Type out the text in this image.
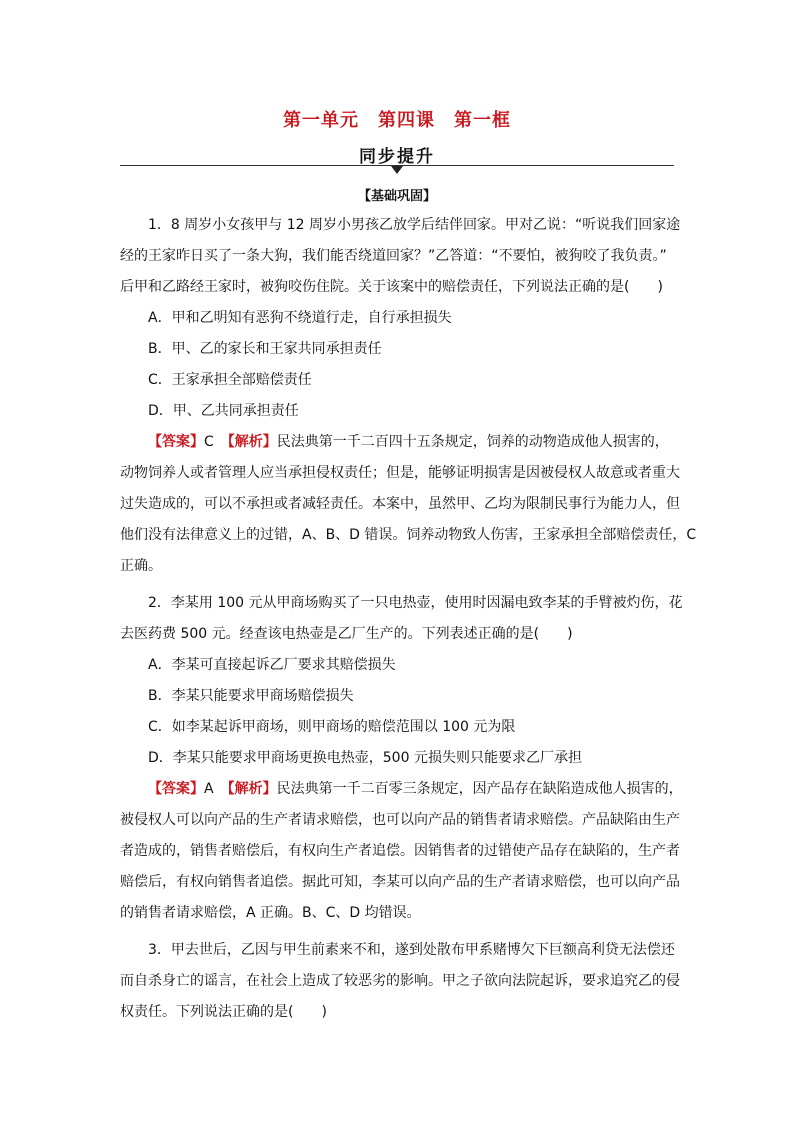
第一单元　第四课　第一框
同步提升
【基础巩固】
1．8 周岁小女孩甲与 12 周岁小男孩乙放学后结伴回家。甲对乙说：“听说我们回家途
经的王家昨日买了一条大狗，我们能否绕道回家？”乙答道：“不要怕，被狗咬了我负责。”
后甲和乙路经王家时，被狗咬伤住院。关于该案中的赔偿责任，下列说法正确的是(　　)
A．甲和乙明知有恶狗不绕道行走，自行承担损失
B．甲、乙的家长和王家共同承担责任
C．王家承担全部赔偿责任
D．甲、乙共同承担责任
【答案】C　 【解析】民法典第一千二百四十五条规定，饲养的动物造成他人损害的，
动物饲养人或者管理人应当承担侵权责任；但是，能够证明损害是因被侵权人故意或者重大
过失造成的，可以不承担或者减轻责任。本案中，虽然甲、乙均为限制民事行为能力人，但
他们没有法律意义上的过错，A、B、D 错误。饲养动物致人伤害，王家承担全部赔偿责任，C
正确。
2．李某用 100 元从甲商场购买了一只电热壶，使用时因漏电致李某的手臂被灼伤，花
去医药费 500 元。经查该电热壶是乙厂生产的。下列表述正确的是(　　)
A．李某可直接起诉乙厂要求其赔偿损失
B．李某只能要求甲商场赔偿损失
C．如李某起诉甲商场，则甲商场的赔偿范围以 100 元为限
D．李某只能要求甲商场更换电热壶，500 元损失则只能要求乙厂承担
【答案】A　 【解析】民法典第一千二百零三条规定，因产品存在缺陷造成他人损害的，
被侵权人可以向产品的生产者请求赔偿，也可以向产品的销售者请求赔偿。产品缺陷由生产
者造成的，销售者赔偿后，有权向生产者追偿。因销售者的过错使产品存在缺陷的，生产者
赔偿后，有权向销售者追偿。据此可知，李某可以向产品的生产者请求赔偿，也可以向产品
的销售者请求赔偿，A 正确。B、C、D 均错误。
3．甲去世后，乙因与甲生前素来不和，遂到处散布甲系赌博欠下巨额高利贷无法偿还
而自杀身亡的谣言，在社会上造成了较恶劣的影响。甲之子欲向法院起诉，要求追究乙的侵
权责任。下列说法正确的是(　　)
